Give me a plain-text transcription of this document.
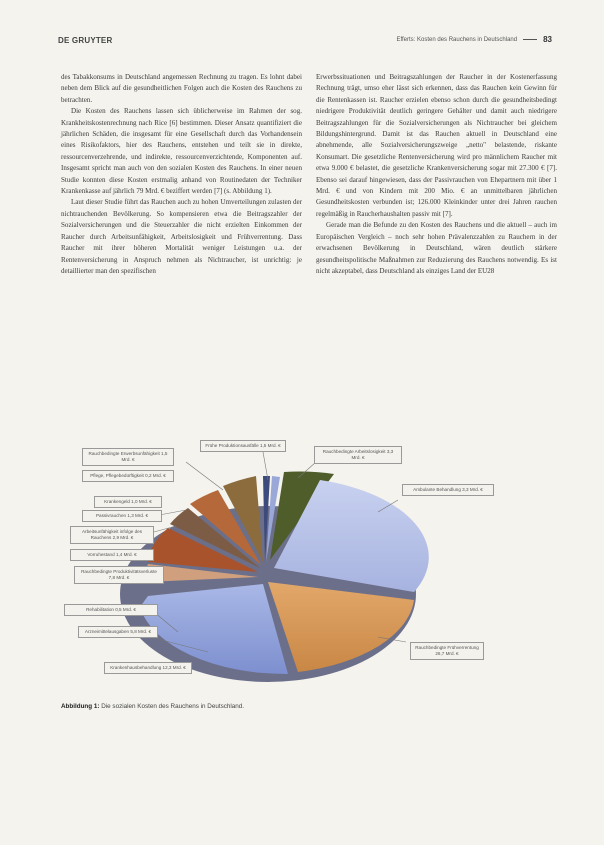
DE GRUYTER	Efferts: Kosten des Rauchens in Deutschland	83

des Tabakkonsums in Deutschland angemessen Rechnung zu tragen. Es lohnt dabei neben dem Blick auf die gesundheitlichen Folgen auch die Kosten des Rauchens zu betrachten.

Die Kosten des Rauchens lassen sich üblicherweise im Rahmen der sog. Krankheitskostenrechnung nach Rice [6] bestimmen. Dieser Ansatz quantifiziert die jährlichen Schäden, die insgesamt für eine Gesellschaft durch das Vorhandensein eines Risikofaktors, hier des Rauchens, entstehen und teilt sie in direkte, ressourcenverzehrende, und indirekte, ressourcenverzichtende, Komponenten auf. Insgesamt spricht man auch von den sozialen Kosten des Rauchens. In einer neuen Studie konnten diese Kosten erstmalig anhand von Routinedaten der Techniker Krankenkasse auf jährlich 79 Mrd. € beziffert werden [7] (s. Abbildung 1).

Laut dieser Studie führt das Rauchen auch zu hohen Umverteilungen zulasten der nichtrauchenden Bevölkerung. So kompensieren etwa die Beitragszahler der Sozialversicherungen und die Steuerzahler die nicht erzielten Einkommen der Raucher durch Arbeitsunfähigkeit, Arbeitslosigkeit und Frühverrentung. Dass Raucher mit ihrer höheren Mortalität weniger Leistungen u.a. der Rentenversicherung in Anspruch nehmen als Nichtraucher, ist unrichtig: je detaillierter man den spezifischen

Erwerbssituationen und Beitragszahlungen der Raucher in der Kostenerfassung Rechnung trägt, umso eher lässt sich erkennen, dass das Rauchen kein Gewinn für die Rentenkassen ist. Raucher erzielen ebenso schon durch die gesundheitsbedingt niedrigere Produktivität deutlich geringere Gehälter und damit auch niedrigere Beitragszahlungen für die Sozialversicherungen als Nichtraucher bei gleichem Bildungshintergrund. Damit ist das Rauchen aktuell in Deutschland eine abnehmende, alle Sozialversicherungszweige „netto" belastende, riskante Konsumart. Die gesetzliche Rentenversicherung wird pro männlichem Raucher mit etwa 9.000 € belastet, die gesetzliche Krankenversicherung sogar mit 27.300 € [7]. Ebenso sei darauf hingewiesen, dass der Passivrauchen von Ehepartnern mit über 1 Mrd. € und von Kindern mit 200 Mio. € an unmittelbaren jährlichen Gesundheitskosten verbunden ist; 126.000 Kleinkinder unter drei Jahren rauchen regelmäßig in Raucherhaushalten passiv mit [7].

Gerade man die Befunde zu den Kosten des Rauchens und die aktuell – auch im Europäischen Vergleich – noch sehr hohen Prävalenzzahlen zu Rauchern in der erwachsenen Bevölkerung in Deutschland, wären deutlich stärkere gesundheitspolitische Maßnahmen zur Reduzierung des Rauchens notwendig. Es ist nicht akzeptabel, dass Deutschland als einziges Land der EU28

Rauchbedingte Erwerbsunfähigkeit 1,5 Mrd. €
Pflege, Pflegebedürftigkeit 0,2 Mrd. €
Krankengeld 1,0 Mrd. €
Passivrauchen 1,3 Mrd. €
Arbeitsunfähigkeit infolge des Rauchens 2,9 Mrd. €
Vorruhestand 1,4 Mrd. €
Rauchbedingte Produktivitätsverluste 7,8 Mrd. €
Rehabilitation 0,5 Mrd. €
Arzneimittelausgaben 5,8 Mrd. €
Krankenhausbehandlung 12,3 Mrd. €
Frühe Produktionsausfälle 1,5 Mrd. €
Rauchbedingte Arbeitslosigkeit 3,3 Mrd. €
Ambulante Behandlung 3,3 Mrd. €
Rauchbedingte Frühverrentung 26,7 Mrd. €
Abbildung 1: Die sozialen Kosten des Rauchens in Deutschland.
